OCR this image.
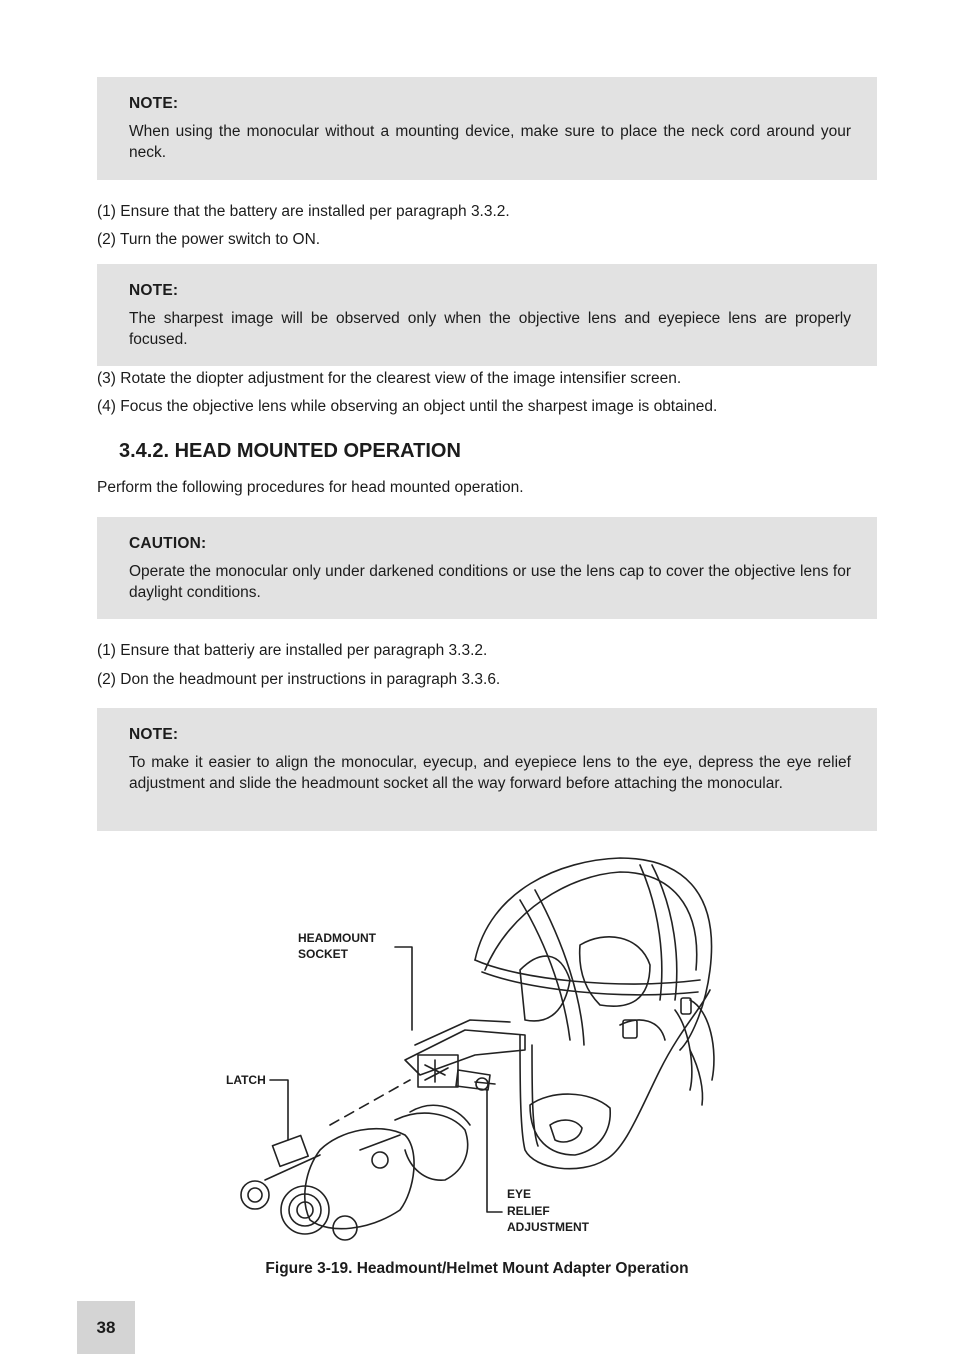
NOTE:

When using the monocular without a mounting device, make sure to place the neck cord around your neck.

(1) Ensure that the battery are installed per paragraph 3.3.2.
(2) Turn the power switch to ON.
NOTE:

The sharpest image will be observed only when the objective lens and eyepiece lens are properly focused.

(3) Rotate the diopter adjustment for the clearest view of the image intensifier screen.
(4) Focus the objective lens while observing an object until the sharpest image is obtained.
3.4.2. HEAD MOUNTED OPERATION
Perform the following procedures for head mounted operation.
CAUTION:

Operate the monocular only under darkened conditions or use the lens cap to cover the objective lens for daylight conditions.

(1) Ensure that batteriy are installed per paragraph 3.3.2.
(2) Don the headmount per instructions in paragraph 3.3.6.
NOTE:

To make it easier to align the monocular, eyecup, and eyepiece lens to the eye, depress the eye relief adjustment and slide the headmount socket all the way forward before attaching the monocular.

HEADMOUNT
SOCKET
LATCH
EYE
RELIEF
ADJUSTMENT
Figure 3-19. Headmount/Helmet Mount Adapter Operation
38
